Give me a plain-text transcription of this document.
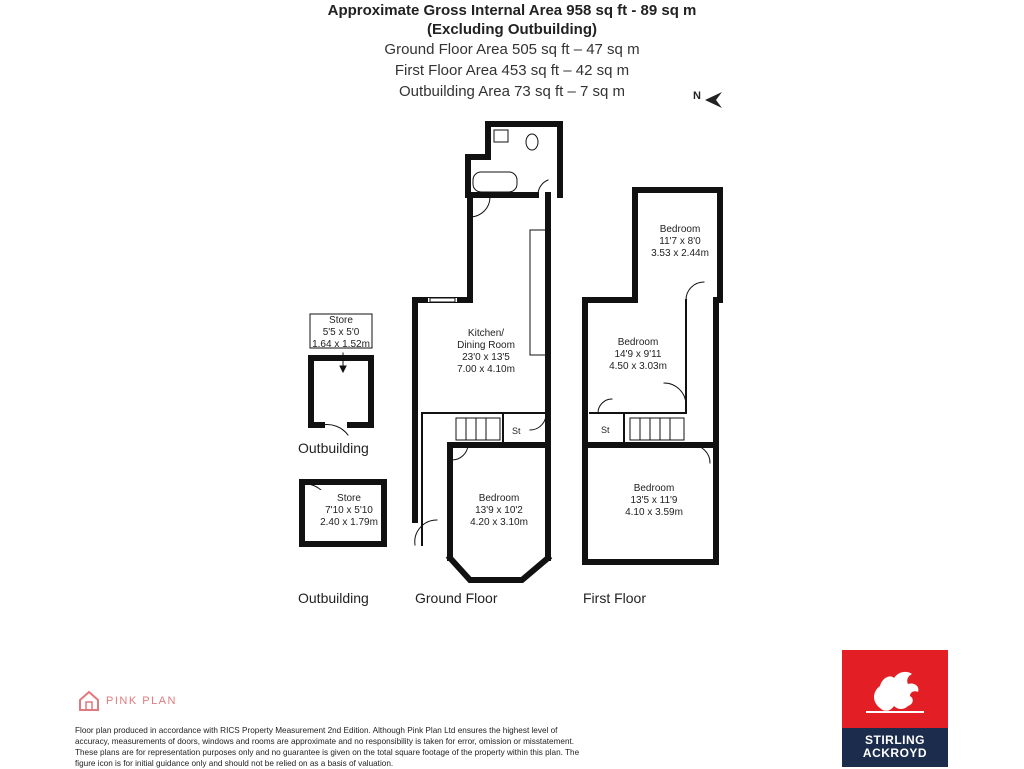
Approximate Gross Internal Area 958 sq ft - 89 sq m
(Excluding Outbuilding)
Ground Floor Area 505 sq ft – 47 sq m
First Floor Area 453 sq ft – 42 sq m
Outbuilding Area 73 sq ft – 7 sq m	N
Kitchen/
Dining Room
23'0 x 13'5
7.00 x 4.10m
Bedroom
13'9 x 10'2
4.20 x 3.10m
St
Bedroom
11'7 x 8'0
3.53 x 2.44m
Bedroom
14'9 x 9'11
4.50 x 3.03m
Bedroom
13'5 x 11'9
4.10 x 3.59m
St
Store
5'5 x 5'0
1.64 x 1.52m
Store
7'10 x 5'10
2.40 x 1.79m
Outbuilding
Outbuilding	Ground Floor	First Floor
PINK PLAN
Floor plan produced in accordance with RICS Property Measurement 2nd Edition. Although Pink Plan Ltd ensures the highest level of accuracy, measurements of doors, windows and rooms are approximate and no responsibility is taken for error, omission or misstatement. These plans are for representation purposes only and no guarantee is given on the total square footage of the property within this plan. The figure icon is for initial guidance only and should not be relied on as a basis of valuation.
STIRLING
ACKROYD
